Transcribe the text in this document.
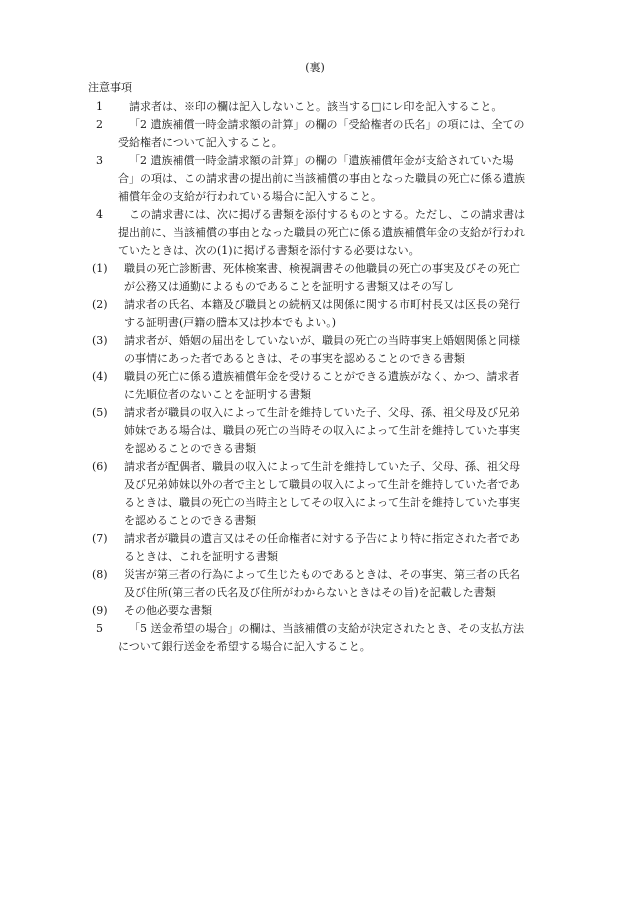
(裏)
注意事項
1	請求者は、※印の欄は記入しないこと。該当する□にレ印を記入すること。
2	「2 遺族補償一時金請求額の計算」の欄の「受給権者の氏名」の項には、全ての受給権者について記入すること。
3	「2 遺族補償一時金請求額の計算」の欄の「遺族補償年金が支給されていた場合」の項は、この請求書の提出前に当該補償の事由となった職員の死亡に係る遺族補償年金の支給が行われている場合に記入すること。
4	この請求書には、次に掲げる書類を添付するものとする。ただし、この請求書は提出前に、当該補償の事由となった職員の死亡に係る遺族補償年金の支給が行われていたときは、次の(1)に掲げる書類を添付する必要はない。
(1)	職員の死亡診断書、死体検案書、検視調書その他職員の死亡の事実及びその死亡が公務又は通勤によるものであることを証明する書類又はその写し
(2)	請求者の氏名、本籍及び職員との続柄又は関係に関する市町村長又は区長の発行する証明書(戸籍の謄本又は抄本でもよい。)
(3)	請求者が、婚姻の届出をしていないが、職員の死亡の当時事実上婚姻関係と同様の事情にあった者であるときは、その事実を認めることのできる書類
(4)	職員の死亡に係る遺族補償年金を受けることができる遺族がなく、かつ、請求者に先順位者のないことを証明する書類
(5)	請求者が職員の収入によって生計を維持していた子、父母、孫、祖父母及び兄弟姉妹である場合は、職員の死亡の当時その収入によって生計を維持していた事実を認めることのできる書類
(6)	請求者が配偶者、職員の収入によって生計を維持していた子、父母、孫、祖父母及び兄弟姉妹以外の者で主として職員の収入によって生計を維持していた者であるときは、職員の死亡の当時主としてその収入によって生計を維持していた事実を認めることのできる書類
(7)	請求者が職員の遺言又はその任命権者に対する予告により特に指定された者であるときは、これを証明する書類
(8)	災害が第三者の行為によって生じたものであるときは、その事実、第三者の氏名及び住所(第三者の氏名及び住所がわからないときはその旨)を記載した書類
(9)	その他必要な書類
5	「5 送金希望の場合」の欄は、当該補償の支給が決定されたとき、その支払方法について銀行送金を希望する場合に記入すること。
